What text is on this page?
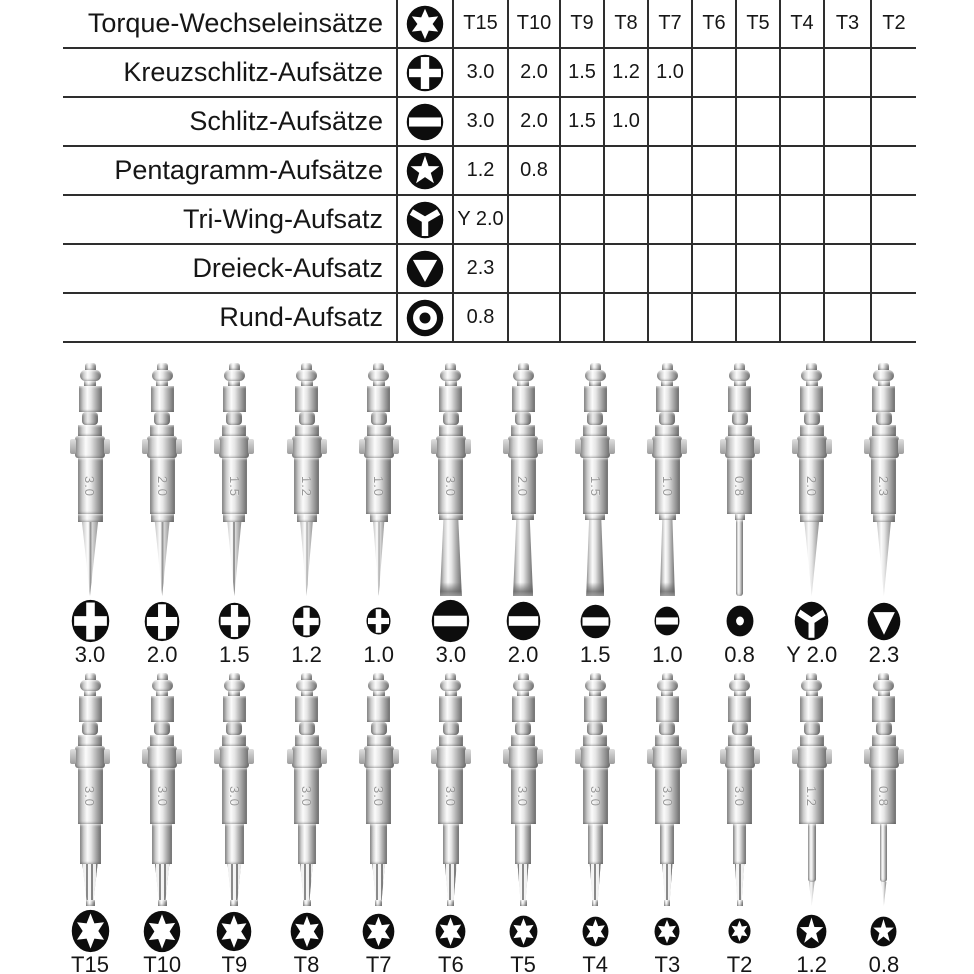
Torque-Wechseleinsätze		T15	T10	T9	T8	T7	T6	T5	T4	T3	T2
Kreuzschlitz-Aufsätze		3.0	2.0	1.5	1.2	1.0					
Schlitz-Aufsätze		3.0	2.0	1.5	1.0						
Pentagramm-Aufsätze		1.2	0.8								
Tri-Wing-Aufsatz		Y 2.0									
Dreieck-Aufsatz		2.3									
Rund-Aufsatz		0.8									
3.0
3.0
2.0
2.0
1.5
1.5
1.2
1.2
1.0
1.0
3.0
3.0
2.0
2.0
1.5
1.5
1.0
1.0
0.8
0.8
2.0
Y 2.0
2.3
2.3
3.0
T15
3.0
T10
3.0
T9
3.0
T8
3.0
T7
3.0
T6
3.0
T5
3.0
T4
3.0
T3
3.0
T2
1.2
1.2
0.8
0.8
